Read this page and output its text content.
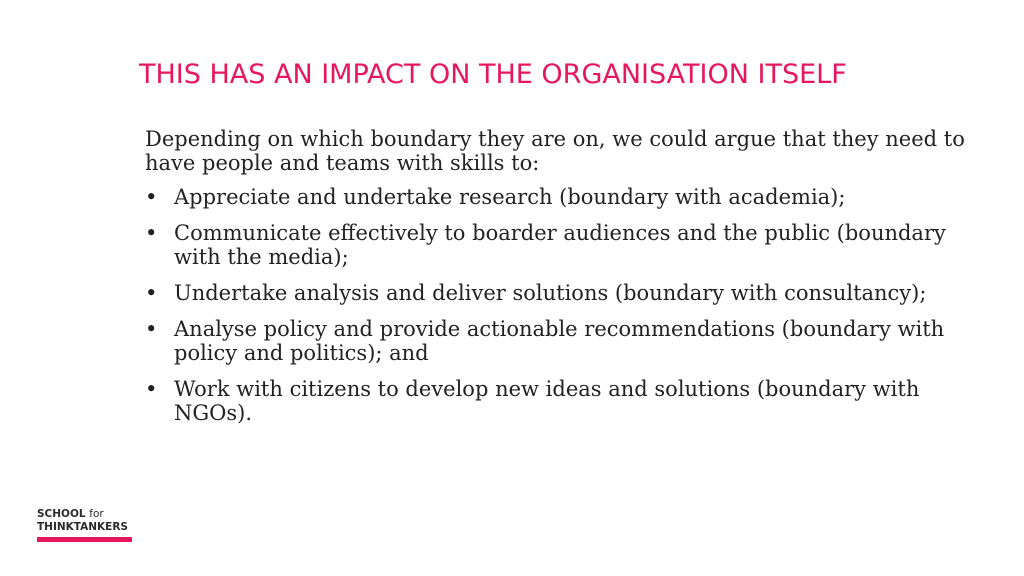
THIS HAS AN IMPACT ON THE ORGANISATION ITSELF

Depending on which boundary they are on, we could argue that they need to have people and teams with skills to:

• Appreciate and undertake research (boundary with academia);
• Communicate effectively to boarder audiences and the public (boundary with the media);
• Undertake analysis and deliver solutions (boundary with consultancy);
• Analyse policy and provide actionable recommendations (boundary with policy and politics); and
• Work with citizens to develop new ideas and solutions (boundary with NGOs).
SCHOOL for
THINKTANKERS
